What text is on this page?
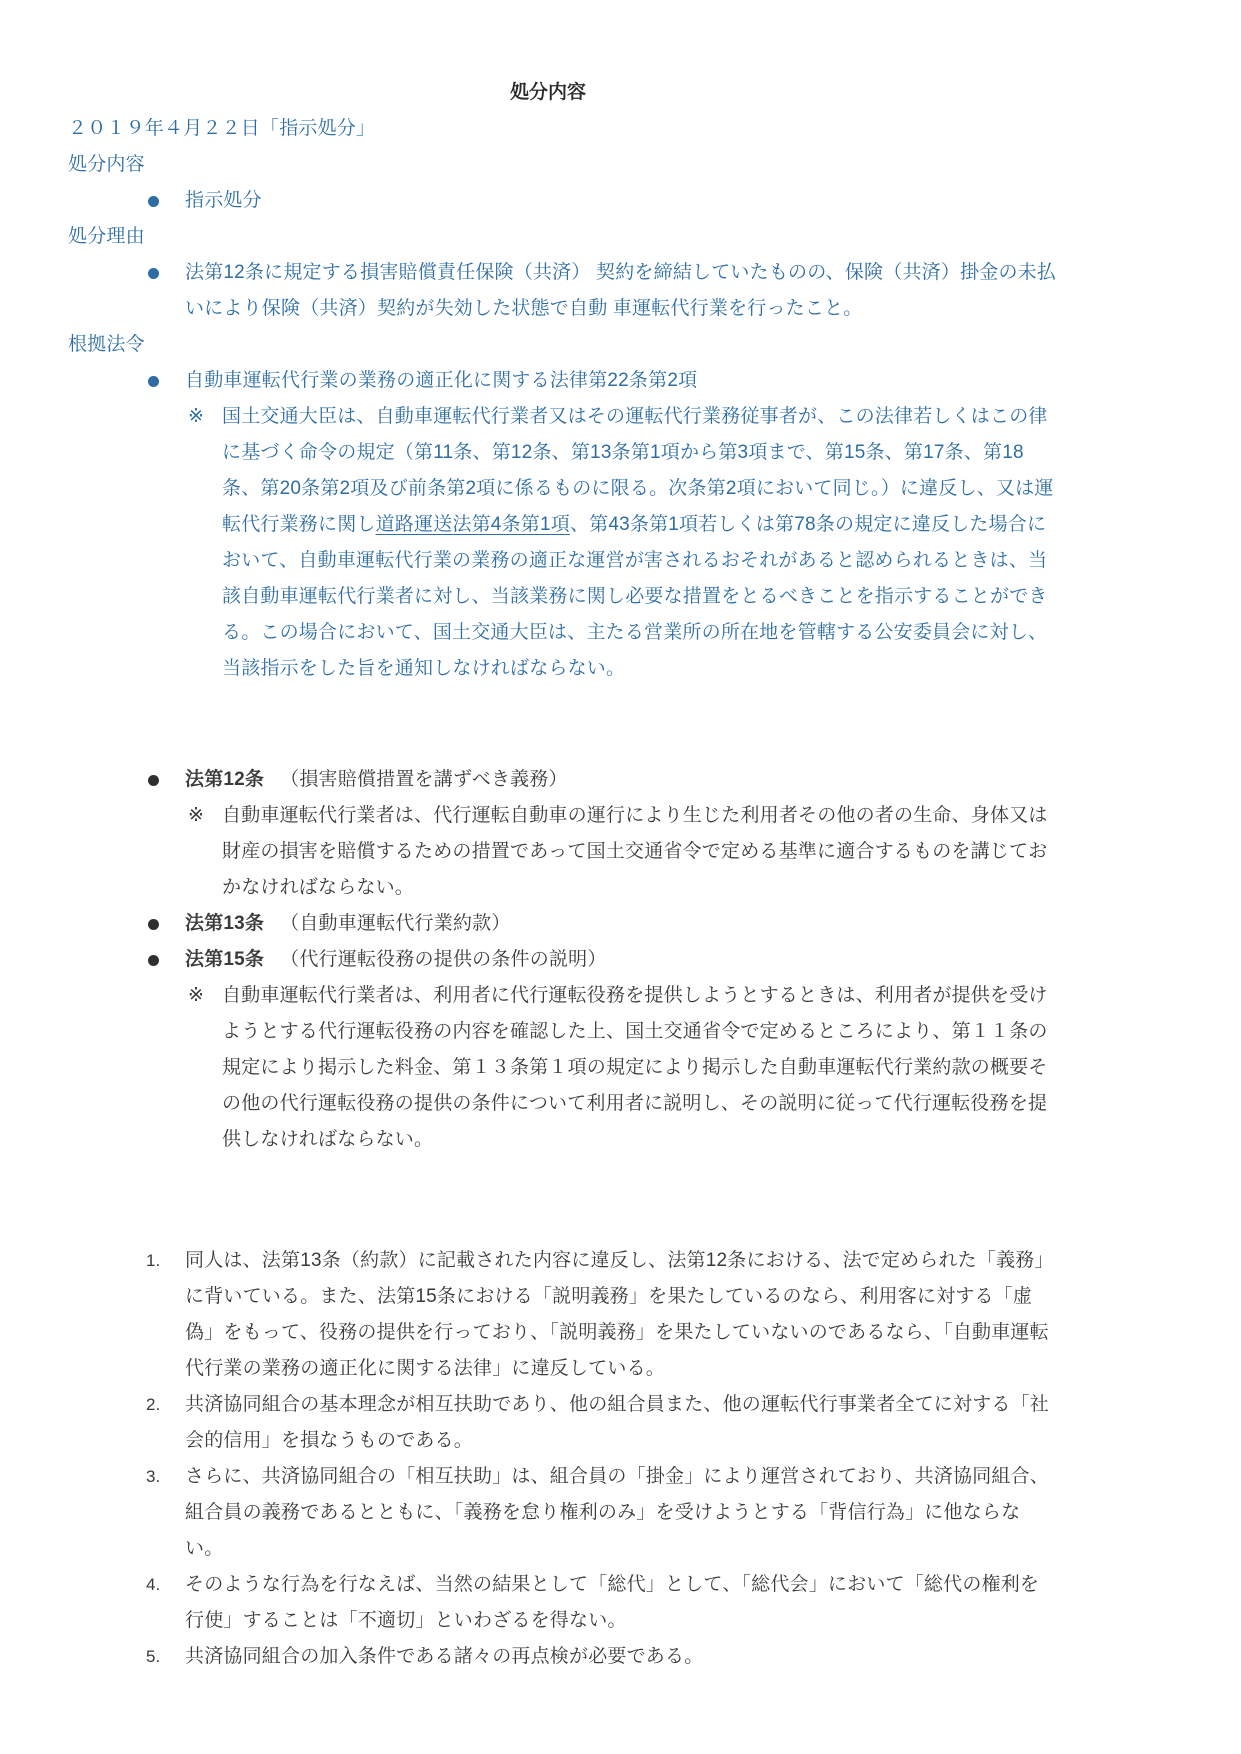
処分内容
２０１９年４月２２日「指示処分」
処分内容
指示処分
処分理由
法第12条に規定する損害賠償責任保険（共済） 契約を締結していたものの、保険（共済）掛金の未払いにより保険（共済）契約が失効した状態で自動 車運転代行業を行ったこと。
根拠法令
自動車運転代行業の業務の適正化に関する法律第22条第2項
※ 国土交通大臣は、自動車運転代行業者又はその運転代行業務従事者が、この法律若しくはこの律に基づく命令の規定（第11条、第12条、第13条第1項から第3項まで、第15条、第17条、第18条、第20条第2項及び前条第2項に係るものに限る。次条第2項において同じ。）に違反し、又は運転代行業務に関し道路運送法第4条第1項、第43条第1項若しくは第78条の規定に違反した場合において、自動車運転代行業の業務の適正な運営が害されるおそれがあると認められるときは、当該自動車運転代行業者に対し、当該業務に関し必要な措置をとるべきことを指示することができる。この場合において、国土交通大臣は、主たる営業所の所在地を管轄する公安委員会に対し、当該指示をした旨を通知しなければならない。
法第12条 （損害賠償措置を講ずべき義務）
※ 自動車運転代行業者は、代行運転自動車の運行により生じた利用者その他の者の生命、身体又は財産の損害を賠償するための措置であって国土交通省令で定める基準に適合するものを講じておかなければならない。
法第13条 （自動車運転代行業約款）
法第15条 （代行運転役務の提供の条件の説明）
※ 自動車運転代行業者は、利用者に代行運転役務を提供しようとするときは、利用者が提供を受けようとする代行運転役務の内容を確認した上、国土交通省令で定めるところにより、第１１条の規定により掲示した料金、第１３条第１項の規定により掲示した自動車運転代行業約款の概要その他の代行運転役務の提供の条件について利用者に説明し、その説明に従って代行運転役務を提供しなければならない。
1.	同人は、法第13条（約款）に記載された内容に違反し、法第12条における、法で定められた「義務」に背いている。また、法第15条における「説明義務」を果たしているのなら、利用客に対する「虚偽」をもって、役務の提供を行っており、「説明義務」を果たしていないのであるなら、「自動車運転代行業の業務の適正化に関する法律」に違反している。
2.	共済協同組合の基本理念が相互扶助であり、他の組合員また、他の運転代行事業者全てに対する「社会的信用」を損なうものである。
3.	さらに、共済協同組合の「相互扶助」は、組合員の「掛金」により運営されており、共済協同組合、組合員の義務であるとともに、「義務を怠り権利のみ」を受けようとする「背信行為」に他ならない。
4.	そのような行為を行なえば、当然の結果として「総代」として、「総代会」において「総代の権利を行使」することは「不適切」といわざるを得ない。
5.	共済協同組合の加入条件である諸々の再点検が必要である。
